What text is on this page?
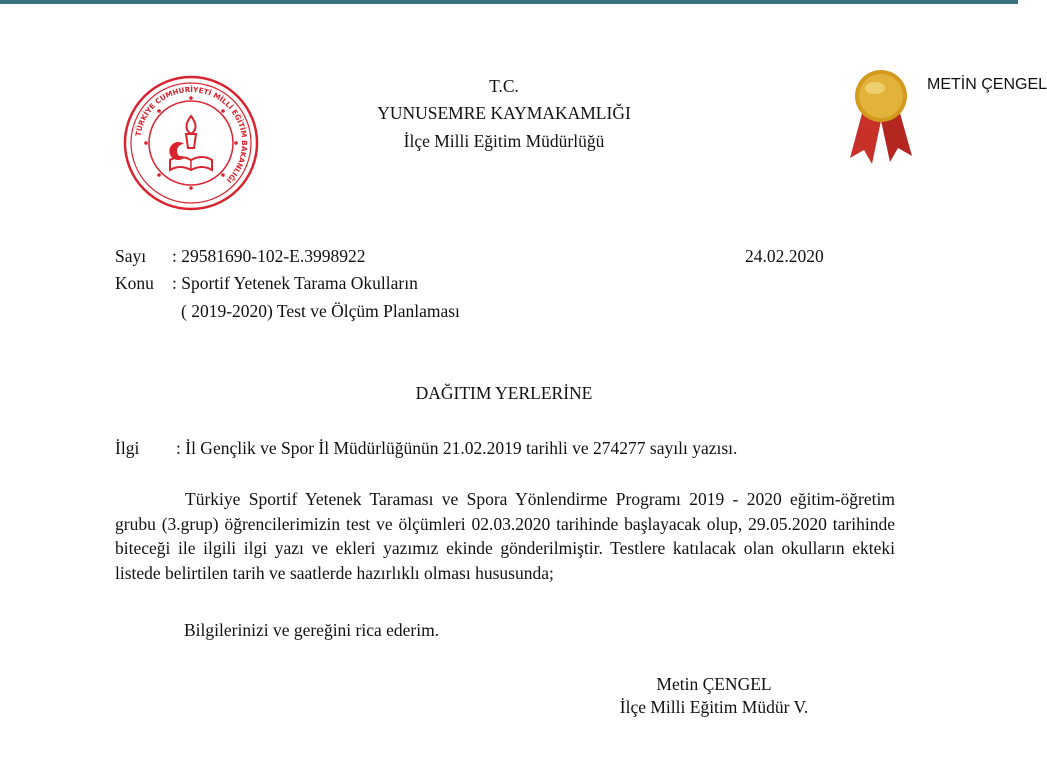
TÜRKİYE CUMHURİYETİ MİLLİ EĞİTİM BAKANLIĞI
T.C.
YUNUSEMRE KAYMAKAMLIĞI
İlçe Milli Eğitim Müdürlüğü
METİN ÇENGEL
Sayı : 29581690-102-E.3998922	24.02.2020
Konu : Sportif Yetenek Tarama Okulların
( 2019-2020) Test ve Ölçüm Planlaması
DAĞITIM YERLERİNE
İlgi : İl Gençlik ve Spor İl Müdürlüğünün 21.02.2019 tarihli ve 274277 sayılı yazısı.
Türkiye Sportif Yetenek Taraması ve Spora Yönlendirme Programı 2019 - 2020 eğitim-öğretim grubu (3.grup) öğrencilerimizin test ve ölçümleri 02.03.2020 tarihinde başlayacak olup, 29.05.2020 tarihinde biteceği ile ilgili ilgi yazı ve ekleri yazımız ekinde gönderilmiştir. Testlere katılacak olan okulların ekteki listede belirtilen tarih ve saatlerde hazırlıklı olması hususunda;
Bilgilerinizi ve gereğini rica ederim.
Metin ÇENGEL
İlçe Milli Eğitim Müdür V.
